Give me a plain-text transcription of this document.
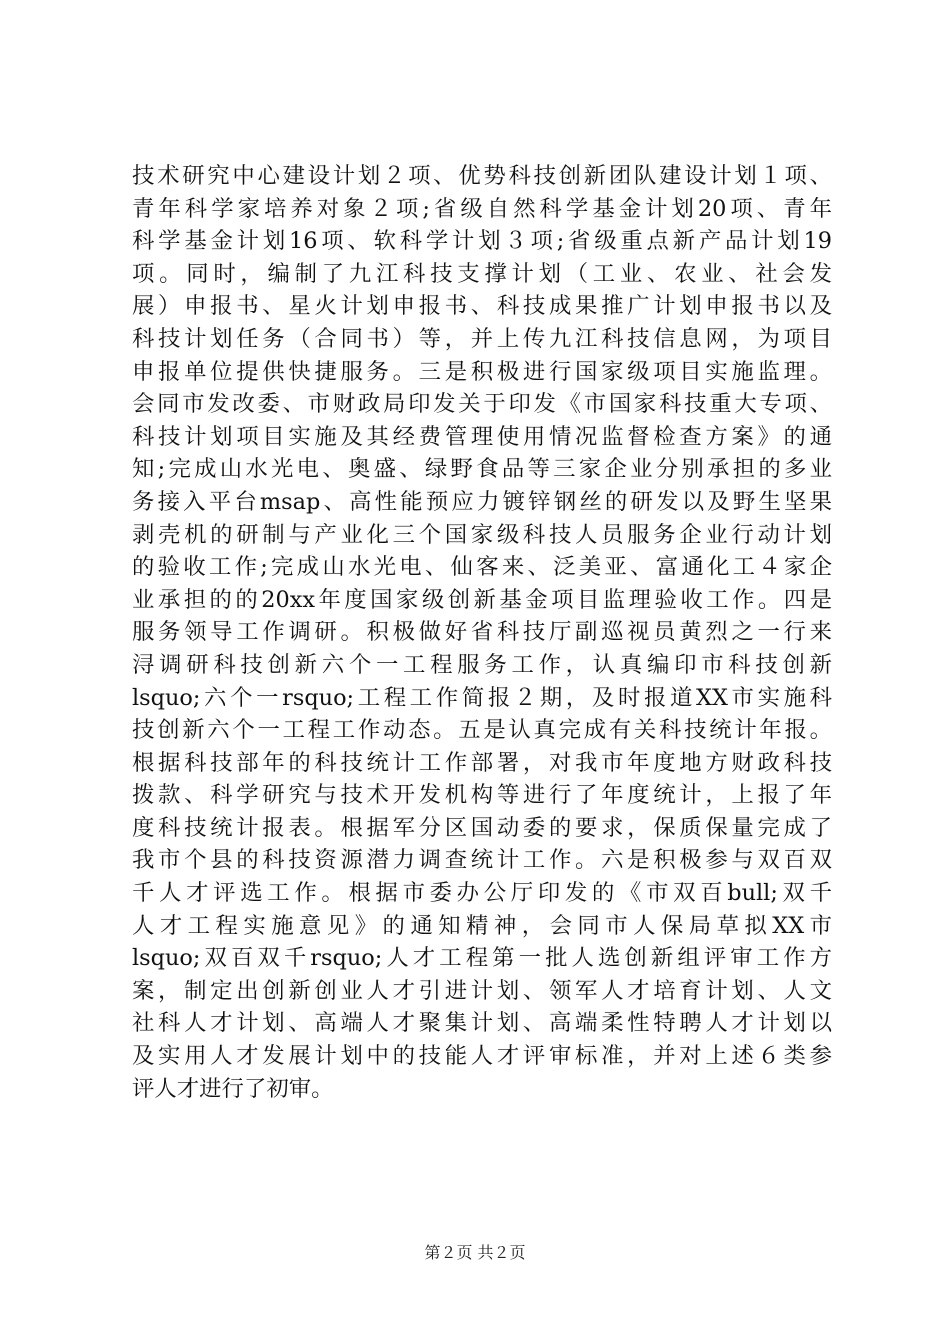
技术研究中心建设计划２项、优势科技创新团队建设计划１项、
青年科学家培养对象２项;省级自然科学基金计划20项、青年
科学基金计划16项、软科学计划３项;省级重点新产品计划19
项。同时，编制了九江科技支撑计划（工业、农业、社会发
展）申报书、星火计划申报书、科技成果推广计划申报书以及
科技计划任务（合同书）等，并上传九江科技信息网，为项目
申报单位提供快捷服务。三是积极进行国家级项目实施监理。
会同市发改委、市财政局印发关于印发《市国家科技重大专项、
科技计划项目实施及其经费管理使用情况监督检查方案》的通
知;完成山水光电、奥盛、绿野食品等三家企业分别承担的多业
务接入平台msap、高性能预应力镀锌钢丝的研发以及野生坚果
剥壳机的研制与产业化三个国家级科技人员服务企业行动计划
的验收工作;完成山水光电、仙客来、泛美亚、富通化工４家企
业承担的的20xx年度国家级创新基金项目监理验收工作。四是
服务领导工作调研。积极做好省科技厅副巡视员黄烈之一行来
浔调研科技创新六个一工程服务工作，认真编印市科技创新
lsquo;六个一rsquo;工程工作简报２期，及时报道XX市实施科
技创新六个一工程工作动态。五是认真完成有关科技统计年报。
根据科技部年的科技统计工作部署，对我市年度地方财政科技
拨款、科学研究与技术开发机构等进行了年度统计，上报了年
度科技统计报表。根据军分区国动委的要求，保质保量完成了
我市个县的科技资源潜力调查统计工作。六是积极参与双百双
千人才评选工作。根据市委办公厅印发的《市双百bull;双千
人才工程实施意见》的通知精神，会同市人保局草拟XX市
lsquo;双百双千rsquo;人才工程第一批人选创新组评审工作方
案，制定出创新创业人才引进计划、领军人才培育计划、人文
社科人才计划、高端人才聚集计划、高端柔性特聘人才计划以
及实用人才发展计划中的技能人才评审标准，并对上述６类参
评人才进行了初审。
第２页 共２页
